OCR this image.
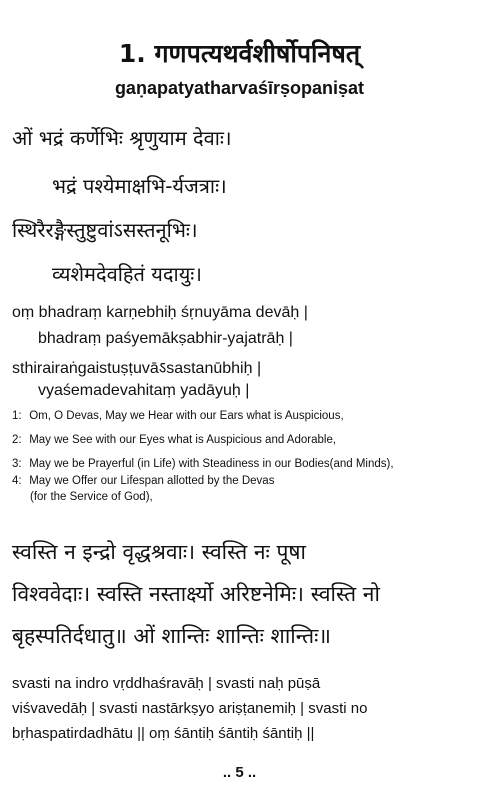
1. गणपत्यथर्वशीर्षोपनिषत्
gaṇapatyatharvaśīrṣopaniṣat
ओं भद्रं कर्णेभिः श्रृणुयाम देवाः।
भद्रं पश्येमाक्षभि-र्यजत्राः।
स्थिरैरङ्गैस्तुष्टुवांऽसस्तनूभिः।
व्यशेमदेवहितं यदायुः।
oṃ bhadraṃ karṇebhiḥ śṛnuyāma devāḥ |
bhadraṃ paśyemākṣabhir-yajatrāḥ |
sthirairaṅgaistuṣṭuvāऽsastanūbhiḥ |
vyaśemadevahitaṃ yadāyuḥ |
1: Om, O Devas, May we Hear with our Ears what is Auspicious,
2: May we See with our Eyes what is Auspicious and Adorable,
3: May we be Prayerful (in Life) with Steadiness in our Bodies(and Minds),
4: May we Offer our Lifespan allotted by the Devas
(for the Service of God),
स्वस्ति न इन्द्रो वृद्धश्रवाः। स्वस्ति नः पूषा
विश्ववेदाः। स्वस्ति नस्तार्क्ष्यो अरिष्टनेमिः। स्वस्ति नो
बृहस्पतिर्दधातु॥ ओं शान्तिः शान्तिः शान्तिः॥
svasti na indro vṛddhaśravāḥ | svasti naḥ pūṣā
viśvavedāḥ | svasti nastārkṣyo ariṣṭanemiḥ | svasti no
bṛhaspatirdadhātu || oṃ śāntiḥ śāntiḥ śāntiḥ ||
.. 5 ..
